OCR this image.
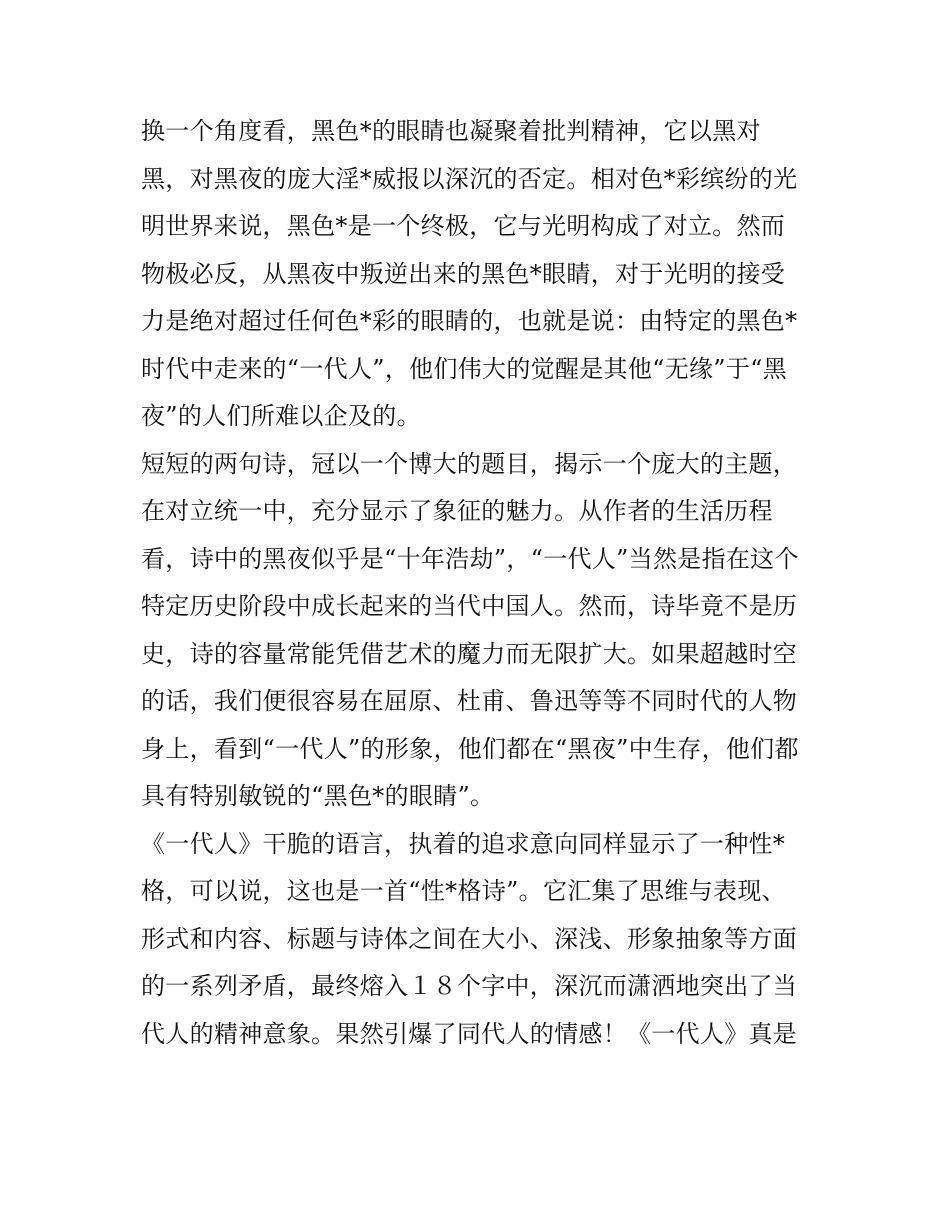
换一个角度看，黑色*的眼睛也凝聚着批判精神，它以黑对
黑，对黑夜的庞大淫*威报以深沉的否定。相对色*彩缤纷的光
明世界来说，黑色*是一个终极，它与光明构成了对立。然而
物极必反，从黑夜中叛逆出来的黑色*眼睛，对于光明的接受
力是绝对超过任何色*彩的眼睛的，也就是说：由特定的黑色*
时代中走来的“一代人”，他们伟大的觉醒是其他“无缘”于“黑
夜”的人们所难以企及的。
短短的两句诗，冠以一个博大的题目，揭示一个庞大的主题，
在对立统一中，充分显示了象征的魅力。从作者的生活历程
看，诗中的黑夜似乎是“十年浩劫”，“一代人”当然是指在这个
特定历史阶段中成长起来的当代中国人。然而，诗毕竟不是历
史，诗的容量常能凭借艺术的魔力而无限扩大。如果超越时空
的话，我们便很容易在屈原、杜甫、鲁迅等等不同时代的人物
身上，看到“一代人”的形象，他们都在“黑夜”中生存，他们都
具有特别敏锐的“黑色*的眼睛”。
《一代人》干脆的语言，执着的追求意向同样显示了一种性*
格，可以说，这也是一首“性*格诗”。它汇集了思维与表现、
形式和内容、标题与诗体之间在大小、深浅、形象抽象等方面
的一系列矛盾，最终熔入１８个字中，深沉而潇洒地突出了当
代人的精神意象。果然引爆了同代人的情感！《一代人》真是
